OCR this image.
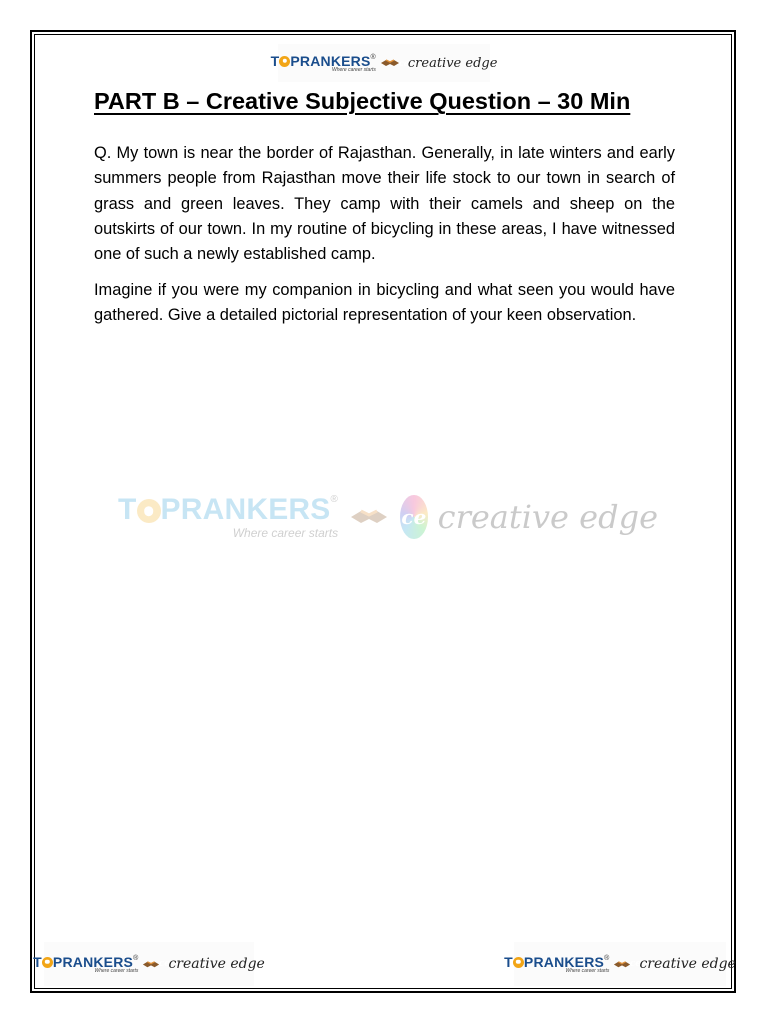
T PRANKERS ®
Where career starts
ce creative edge
PART B – Creative Subjective Question – 30 Min

Q. My town is near the border of Rajasthan. Generally, in late winters and early summers people from Rajasthan move their life stock to our town in search of grass and green leaves. They camp with their camels and sheep on the outskirts of our town. In my routine of bicycling in these areas, I have witnessed one of such a newly established camp.

Imagine if you were my companion in bicycling and what seen you would have gathered. Give a detailed pictorial representation of your keen observation.

T PRANKERS ®
Where career starts
ce creative edge
T PRANKERS ®
Where career starts
ce
creative edge	T PRANKERS ®
Where career starts
ce
creative edge
